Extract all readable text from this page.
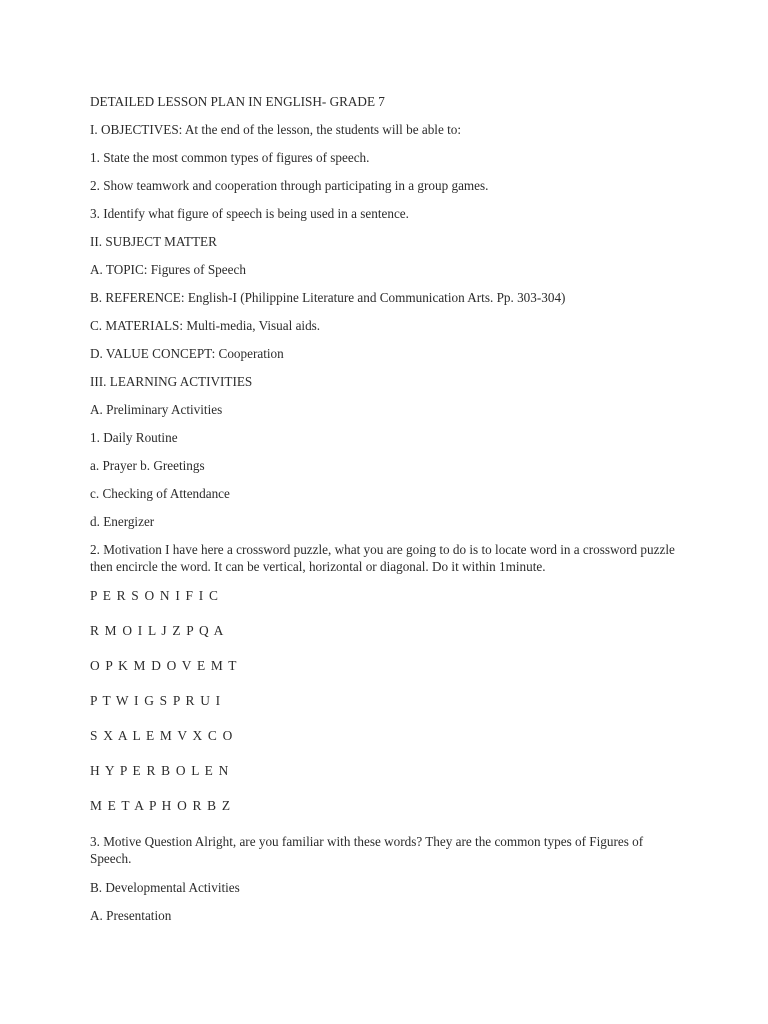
DETAILED LESSON PLAN IN ENGLISH- GRADE 7
I. OBJECTIVES: At the end of the lesson, the students will be able to:
1. State the most common types of figures of speech.
2. Show teamwork and cooperation through participating in a group games.
3. Identify what figure of speech is being used in a sentence.
II. SUBJECT MATTER
A. TOPIC: Figures of Speech
B. REFERENCE: English-I (Philippine Literature and Communication Arts. Pp. 303-304)
C. MATERIALS: Multi-media, Visual aids.
D. VALUE CONCEPT: Cooperation
III. LEARNING ACTIVITIES
A. Preliminary Activities
1. Daily Routine
a. Prayer b. Greetings
c. Checking of Attendance
d. Energizer
2. Motivation I have here a crossword puzzle, what you are going to do is to locate word in a crossword puzzle then encircle the word. It can be vertical, horizontal or diagonal. Do it within 1minute.
P E R S O N I F I C
R M O I L J Z P Q A
O P K M D O V E M T
P T W I G S P R U I
S X A L E M V X C O
H Y P E R B O L E N
M E T A P H O R B Z
3. Motive Question Alright, are you familiar with these words? They are the common types of Figures of Speech.
B. Developmental Activities
A. Presentation
